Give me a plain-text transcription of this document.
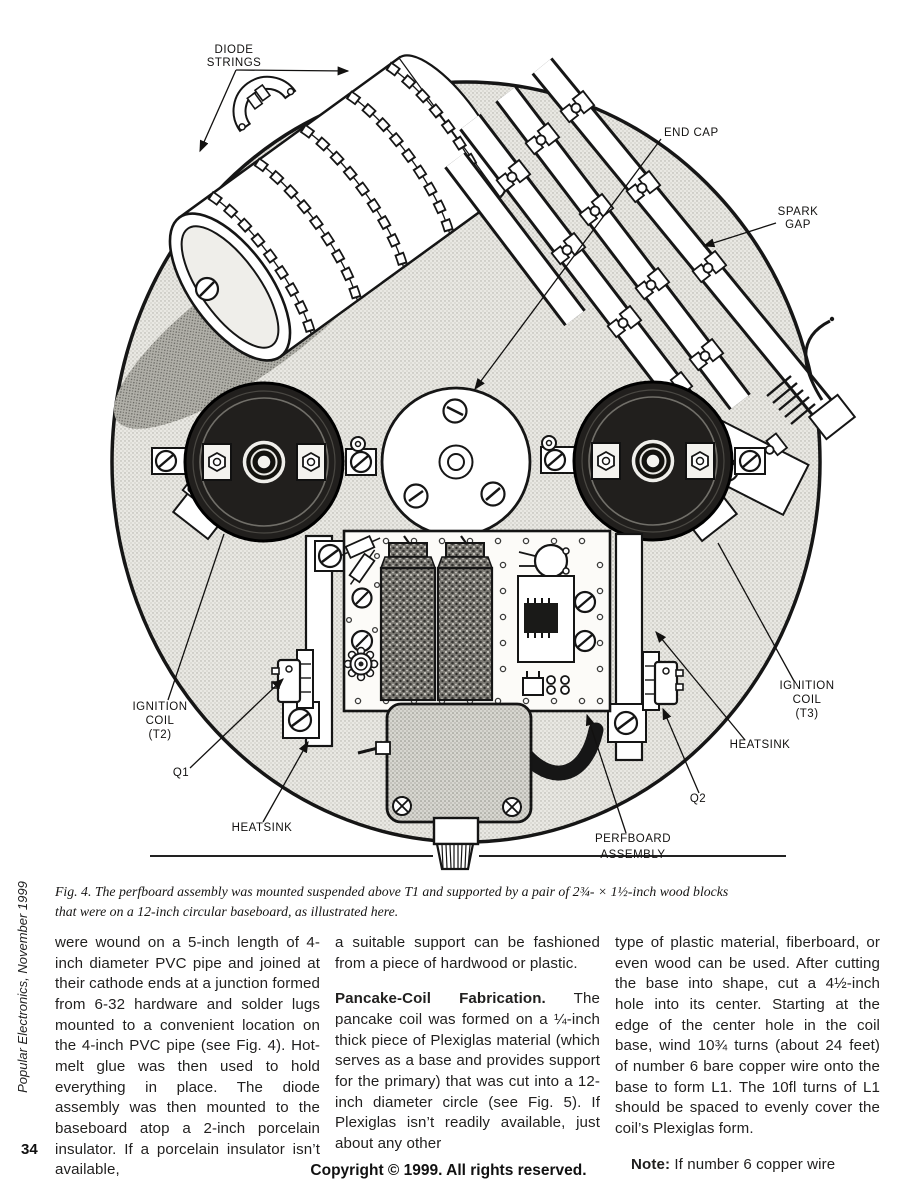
DIODE
STRINGS
END CAP
SPARK
GAP
IGNITION
COIL
(T2)
Q1
HEATSINK
IGNITION
COIL
(T3)
HEATSINK
Q2
PERFBOARD
ASSEMBLY
Popular Electronics, November 1999
34
Fig. 4. The perfboard assembly was mounted suspended above T1 and supported by a pair of 2¾- × 1½-inch wood blocks that were on a 12-inch circular baseboard, as illustrated here.

were wound on a 5-inch length of 4-inch diameter PVC pipe and joined at their cathode ends at a junction formed from 6-32 hardware and solder lugs mounted to a convenient location on the 4-inch PVC pipe (see Fig. 4). Hot-melt glue was then used to hold everything in place. The diode assembly was then mounted to the baseboard atop a 2-inch porcelain insulator. If a porcelain insulator isn’t available,

a suitable support can be fashioned from a piece of hardwood or plastic.

Pancake-Coil Fabrication. The pancake coil was formed on a ¼-inch thick piece of Plexiglas material (which serves as a base and provides support for the primary) that was cut into a 12-inch diameter circle (see Fig. 5). If Plexiglas isn’t readily available, just about any other

type of plastic material, fiberboard, or even wood can be used. After cutting the base into shape, cut a 4½-inch hole into its center. Starting at the edge of the center hole in the coil base, wind 10¾ turns (about 24 feet) of number 6 bare copper wire onto the base to form L1. The 10fl turns of L1 should be spaced to evenly cover the coil’s Plexiglas form.

Note: If number 6 copper wire

Copyright © 1999. All rights reserved.
